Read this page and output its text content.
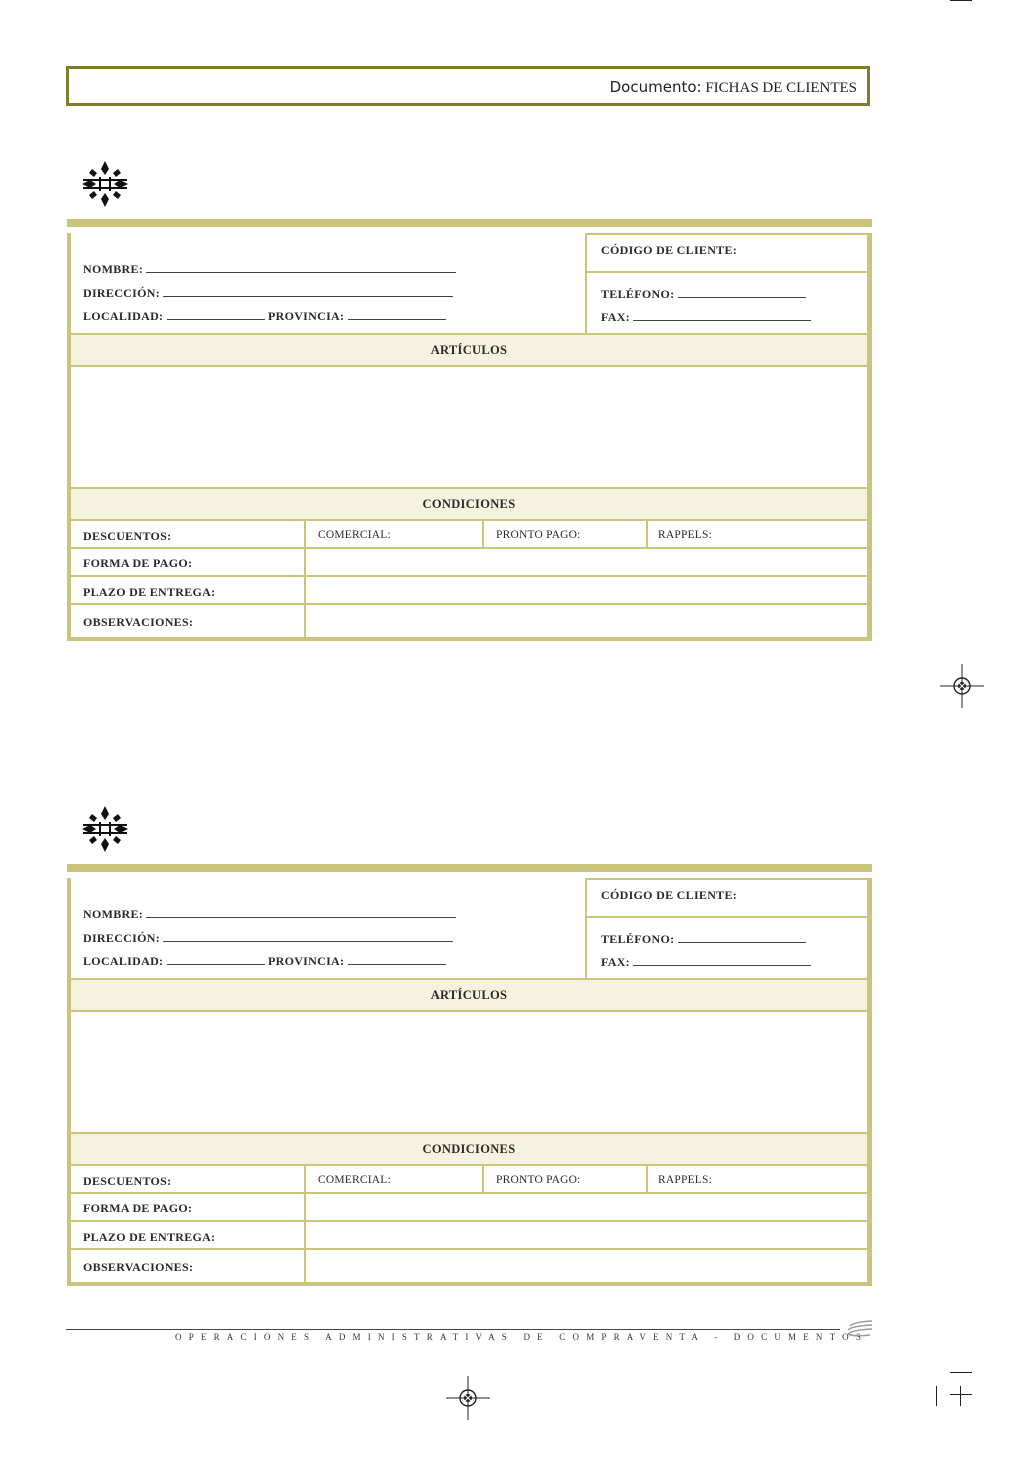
Documento: FICHAS DE CLIENTES
CÓDIGO DE CLIENTE:
TELÉFONO:
FAX:
NOMBRE:
DIRECCIÓN:
LOCALIDAD:	PROVINCIA:
ARTÍCULOS
CONDICIONES
DESCUENTOS:	COMERCIAL:	PRONTO PAGO:	RAPPELS:
FORMA DE PAGO:
PLAZO DE ENTREGA:
OBSERVACIONES:
CÓDIGO DE CLIENTE:
TELÉFONO:
FAX:
NOMBRE:
DIRECCIÓN:
LOCALIDAD:	PROVINCIA:
ARTÍCULOS
CONDICIONES
DESCUENTOS:	COMERCIAL:	PRONTO PAGO:	RAPPELS:
FORMA DE PAGO:
PLAZO DE ENTREGA:
OBSERVACIONES:
OPERACIONES ADMINISTRATIVAS DE COMPRAVENTA - DOCUMENTOS
